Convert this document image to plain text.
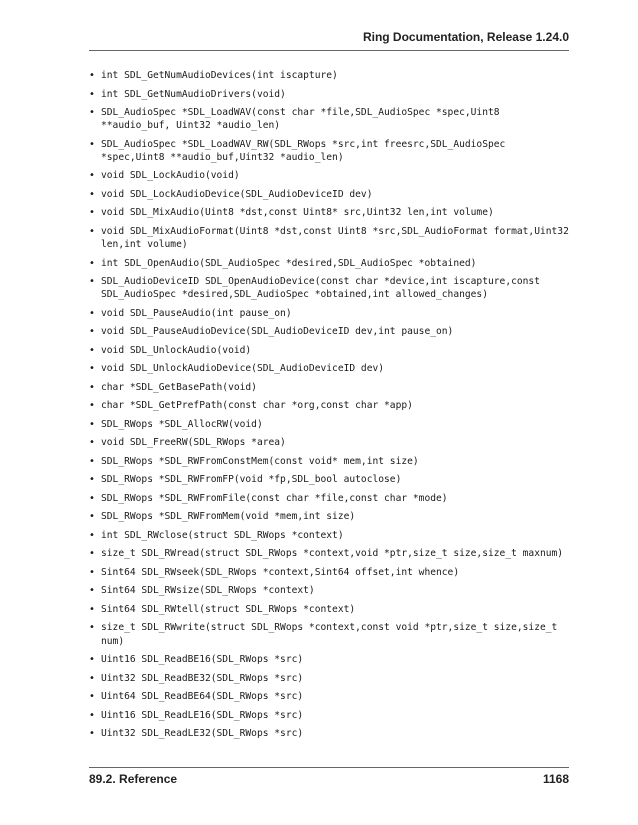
Ring Documentation, Release 1.24.0
• int SDL_GetNumAudioDevices(int iscapture)
• int SDL_GetNumAudioDrivers(void)
• SDL_AudioSpec *SDL_LoadWAV(const char *file,SDL_AudioSpec *spec,Uint8 **audio_buf, Uint32 *audio_len)
• SDL_AudioSpec *SDL_LoadWAV_RW(SDL_RWops *src,int freesrc,SDL_AudioSpec *spec,Uint8 **audio_buf,Uint32 *audio_len)
• void SDL_LockAudio(void)
• void SDL_LockAudioDevice(SDL_AudioDeviceID dev)
• void SDL_MixAudio(Uint8 *dst,const Uint8* src,Uint32 len,int volume)
• void SDL_MixAudioFormat(Uint8 *dst,const Uint8 *src,SDL_AudioFormat format,Uint32 len,int volume)
• int SDL_OpenAudio(SDL_AudioSpec *desired,SDL_AudioSpec *obtained)
• SDL_AudioDeviceID SDL_OpenAudioDevice(const char *device,int iscapture,const SDL_AudioSpec *desired,SDL_AudioSpec *obtained,int allowed_changes)
• void SDL_PauseAudio(int pause_on)
• void SDL_PauseAudioDevice(SDL_AudioDeviceID dev,int pause_on)
• void SDL_UnlockAudio(void)
• void SDL_UnlockAudioDevice(SDL_AudioDeviceID dev)
• char *SDL_GetBasePath(void)
• char *SDL_GetPrefPath(const char *org,const char *app)
• SDL_RWops *SDL_AllocRW(void)
• void SDL_FreeRW(SDL_RWops *area)
• SDL_RWops *SDL_RWFromConstMem(const void* mem,int size)
• SDL_RWops *SDL_RWFromFP(void *fp,SDL_bool autoclose)
• SDL_RWops *SDL_RWFromFile(const char *file,const char *mode)
• SDL_RWops *SDL_RWFromMem(void *mem,int size)
• int SDL_RWclose(struct SDL_RWops *context)
• size_t SDL_RWread(struct SDL_RWops *context,void *ptr,size_t size,size_t maxnum)
• Sint64 SDL_RWseek(SDL_RWops *context,Sint64 offset,int whence)
• Sint64 SDL_RWsize(SDL_RWops *context)
• Sint64 SDL_RWtell(struct SDL_RWops *context)
• size_t SDL_RWwrite(struct SDL_RWops *context,const void *ptr,size_t size,size_t num)
• Uint16 SDL_ReadBE16(SDL_RWops *src)
• Uint32 SDL_ReadBE32(SDL_RWops *src)
• Uint64 SDL_ReadBE64(SDL_RWops *src)
• Uint16 SDL_ReadLE16(SDL_RWops *src)
• Uint32 SDL_ReadLE32(SDL_RWops *src)
89.2. Reference	1168
